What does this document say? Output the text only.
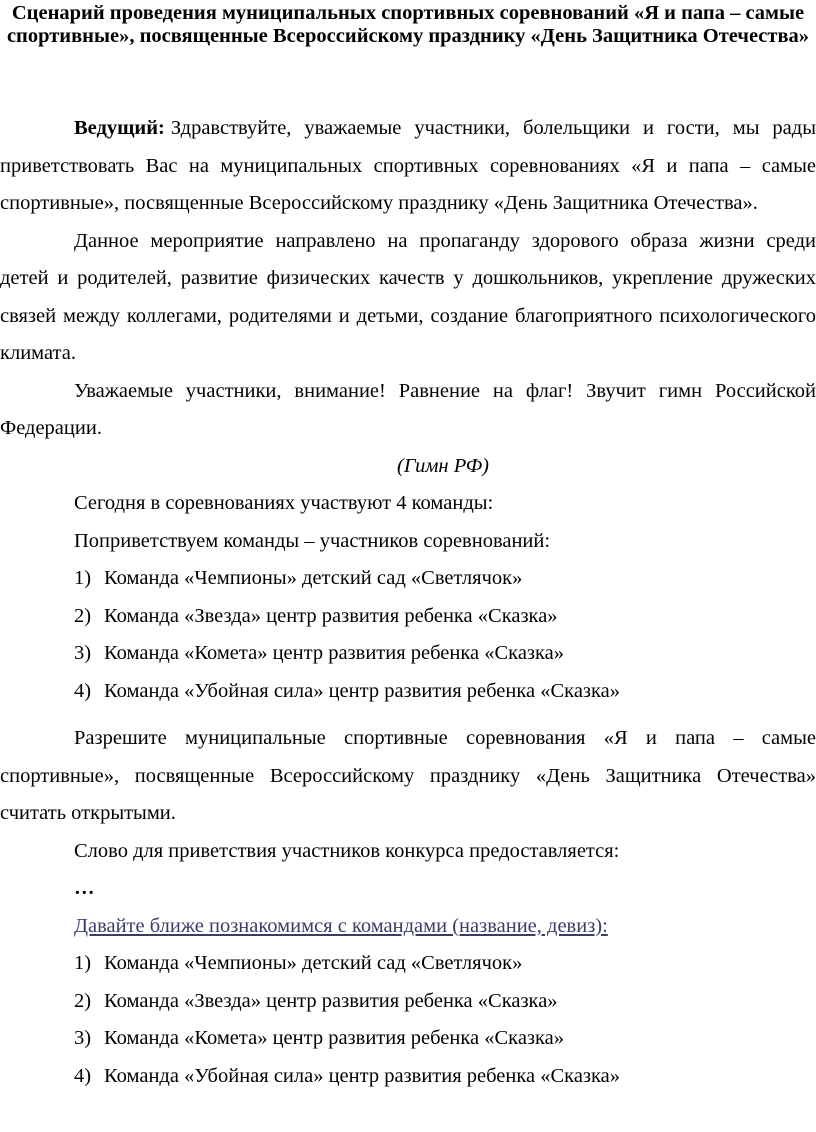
Сценарий проведения муниципальных спортивных соревнований «Я и папа – самые спортивные», посвященные Всероссийскому празднику «День Защитника Отечества»

Ведущий: Здравствуйте, уважаемые участники, болельщики и гости, мы рады приветствовать Вас на муниципальных спортивных соревнованиях «Я и папа – самые спортивные», посвященные Всероссийскому празднику «День Защитника Отечества».

Данное мероприятие направлено на пропаганду здорового образа жизни среди детей и родителей, развитие физических качеств у дошкольников, укрепление дружеских связей между коллегами, родителями и детьми, создание благоприятного психологического климата.

Уважаемые участники, внимание! Равнение на флаг! Звучит гимн Российской Федерации.

(Гимн РФ)

Сегодня в соревнованиях участвуют 4 команды:

Поприветствуем команды – участников соревнований:

1) Команда «Чемпионы» детский сад «Светлячок»
2) Команда «Звезда» центр развития ребенка «Сказка»
3) Команда «Комета» центр развития ребенка «Сказка»
4) Команда «Убойная сила» центр развития ребенка «Сказка»

Разрешите муниципальные спортивные соревнования «Я и папа – самые спортивные», посвященные Всероссийскому празднику «День Защитника Отечества» считать открытыми.

Слово для приветствия участников конкурса предоставляется:

…

Давайте ближе познакомимся с командами (название, девиз):

1) Команда «Чемпионы» детский сад «Светлячок»
2) Команда «Звезда» центр развития ребенка «Сказка»
3) Команда «Комета» центр развития ребенка «Сказка»
4) Команда «Убойная сила» центр развития ребенка «Сказка»
